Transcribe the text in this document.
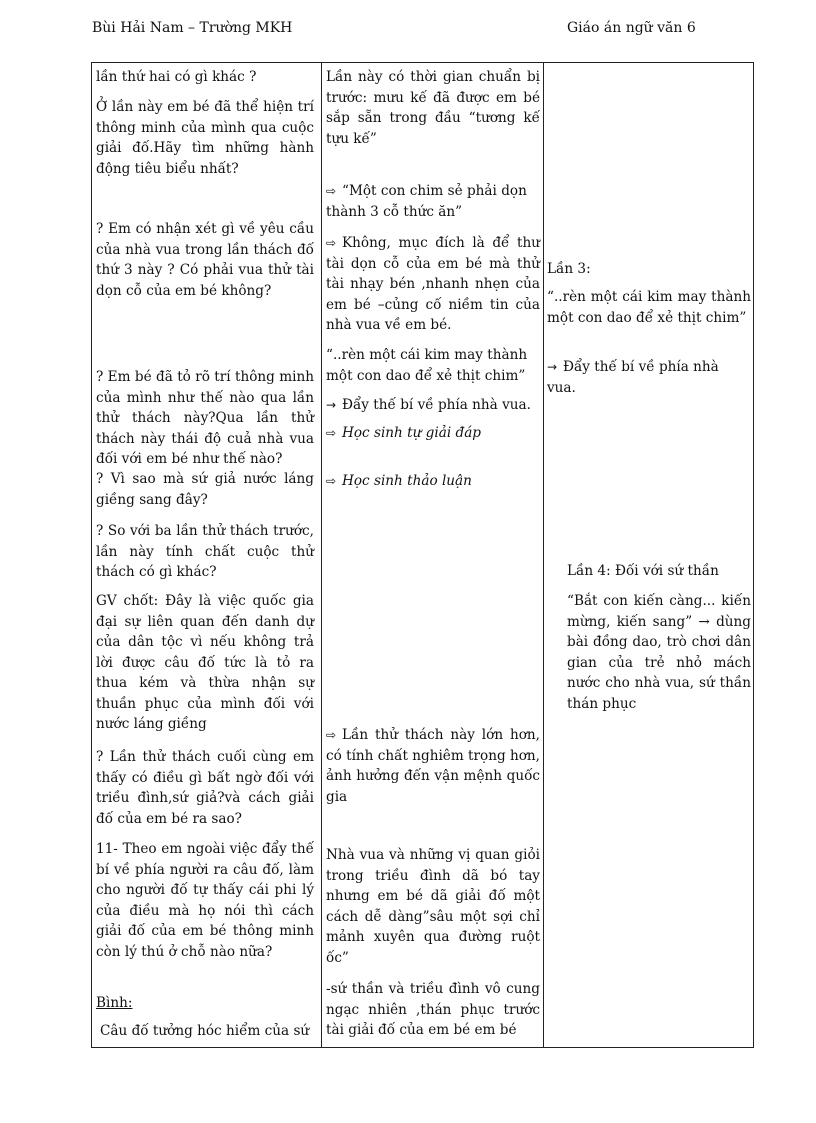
Bùi Hải Nam – Trường MKH	Giáo án ngữ văn 6

lần thứ hai có gì khác ?

Ở lần này em bé đã thể hiện trí thông minh của mình qua cuộc giải đố.Hãy tìm những hành động tiêu biểu nhất?

? Em có nhận xét gì về yêu cầu của nhà vua trong lần thách đố thứ 3 này ? Có phải vua thử tài dọn cỗ của em bé không?

? Em bé đã tỏ rõ trí thông minh của mình như thế nào qua lần thử thách này?Qua lần thử thách này thái độ cuả nhà vua đối với em bé như thế nào?

? Vì sao mà sứ giả nước láng giềng sang đây?

? So với ba lần thử thách trước, lần này tính chất cuộc thử thách có gì khác?

GV chốt: Đây là việc quốc gia đại sự liên quan đến danh dự của dân tộc vì nếu không trả lời được câu đố tức là tỏ ra thua kém và thừa nhận sự thuần phục của mình đối với nước láng giềng

? Lần thử thách cuối cùng em thấy có điều gì bất ngờ đối với triều đình,sứ giả?và cách giải đố của em bé ra sao?

11- Theo em ngoài việc đẩy thế bí về phía người ra câu đố, làm cho người đố tự thấy cái phi lý của điều mà họ nói thì cách giải đố của em bé thông minh còn lý thú ở chỗ nào nữa?

Bình:

Câu đố tưởng hóc hiểm của sứ

Lần này có thời gian chuẩn bị trước: mưu kế đã được em bé sắp sẵn trong đầu “tương kế tựu kế”

⇨ “Một con chim sẻ phải dọn thành 3 cỗ thức ăn”

⇨ Không, mục đích là để thư tài dọn cỗ của em bé mà thử tài nhạy bén ,nhanh nhẹn của em bé –củng cố niềm tin của nhà vua về em bé.

“..rèn một cái kim may thành một con dao để xẻ thịt chim”

→ Đẩy thế bí về phía nhà vua.

⇨ Học sinh tự giải đáp

⇨ Học sinh thảo luận

⇨ Lần thử thách này lớn hơn, có tính chất nghiêm trọng hơn, ảnh hưởng đến vận mệnh quốc gia

Nhà vua và những vị quan giỏi trong triều đình dã bó tay nhưng em bé dã giải đố một cách dễ dàng”sâu một sợi chỉ mảnh xuyên qua đường ruột ốc”

-sứ thần và triều đình vô cung ngạc nhiên ,thán phục trước tài giải đố của em bé em bé

Lần 3:

“..rèn một cái kim may thành một con dao để xẻ thịt chim”

→ Đẩy thế bí về phía nhà vua.

Lần 4: Đối với sứ thần

“Bắt con kiến càng... kiến mừng, kiến sang” → dùng bài đồng dao, trò chơi dân gian của trẻ nhỏ mách nước cho nhà vua, sứ thần thán phục
